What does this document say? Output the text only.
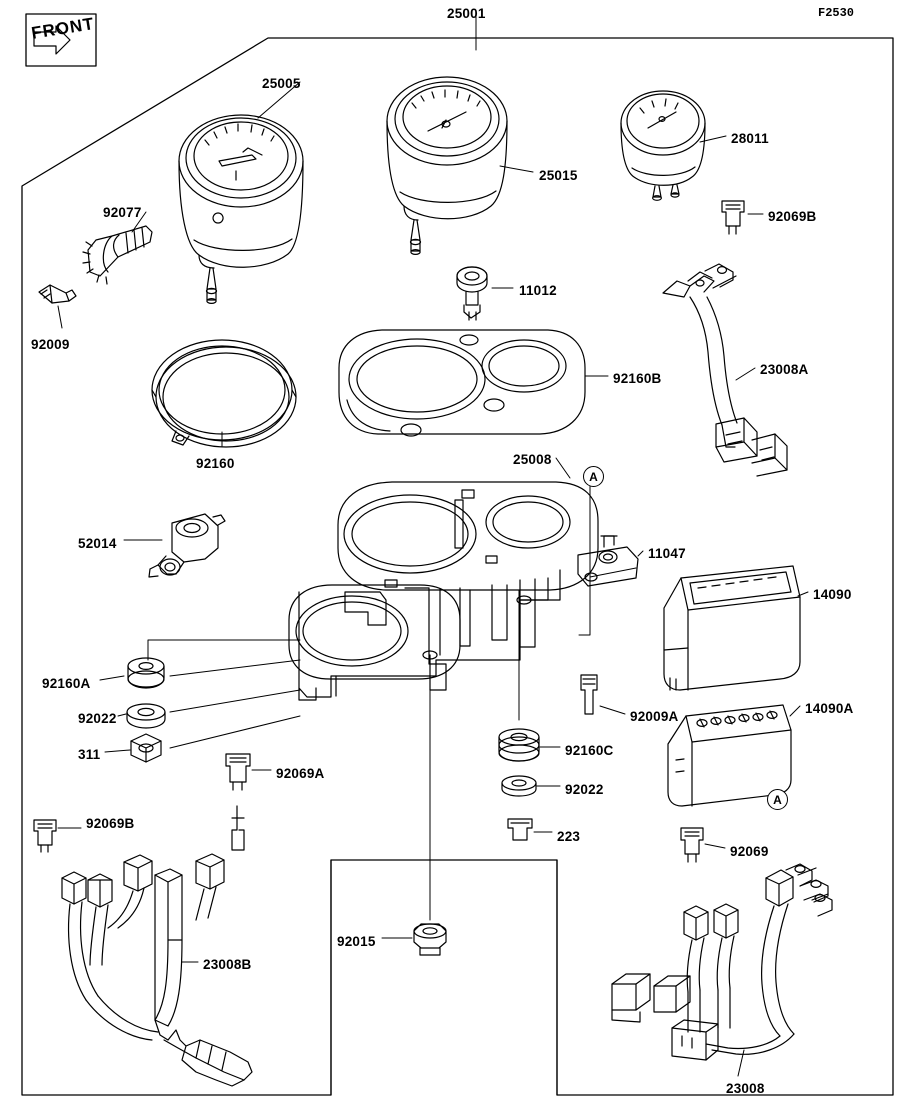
F2530
FRONT
25001
25005
25015
28011
92077	92069B
92009
11012
23008A
92160B
92160	25008
52014
11047
14090
92160A
92022
311
92009A
14090A
92160C
92022
92069A
223
92069B
92069
92015
23008B
23008
A
A
